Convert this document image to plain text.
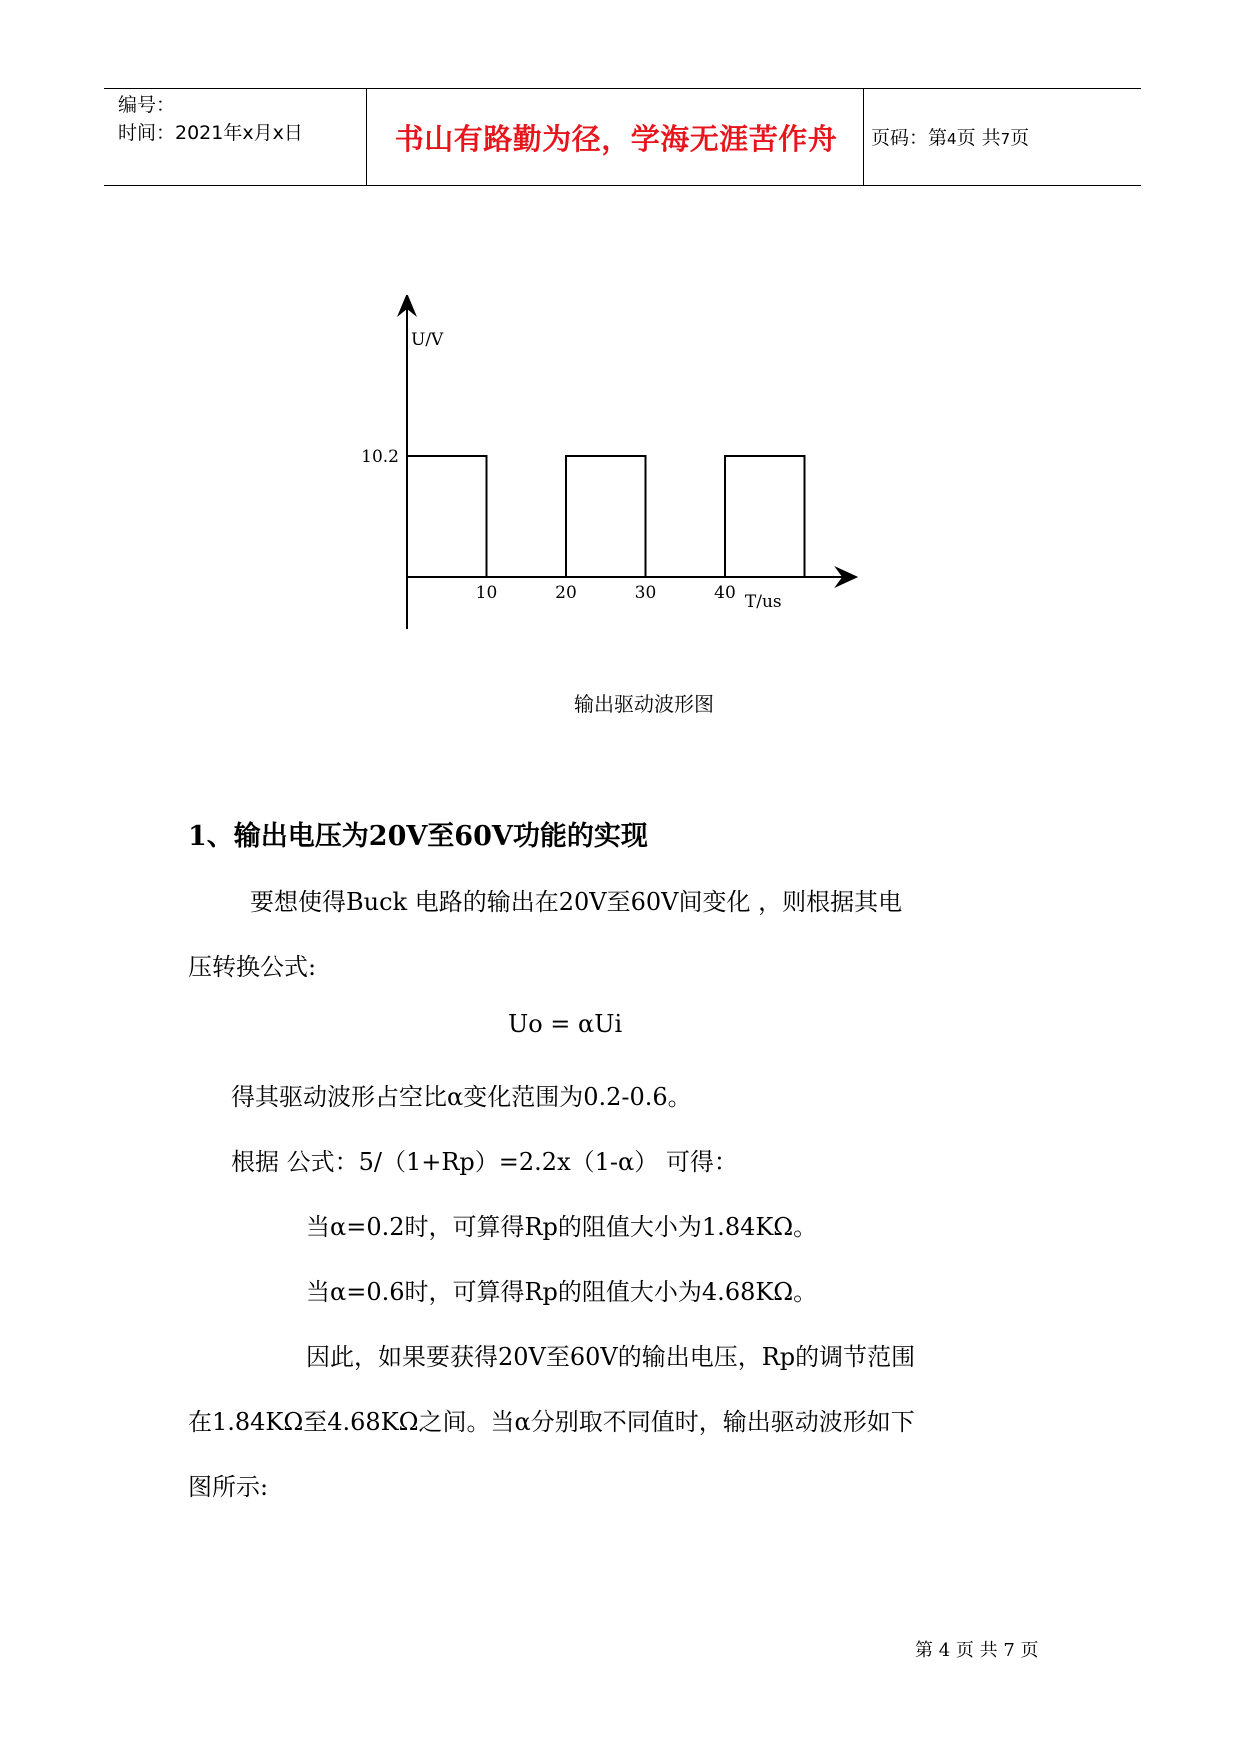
编号：
时间：2021年x月x日	书山有路勤为径，学海无涯苦作舟	页码：第4页 共7页
10	20	30	40
10.2
U/V
T/us
输出驱动波形图
1、输出电压为20V至60V功能的实现
要想使得Buck 电路的输出在20V至60V间变化 ，则根据其电
压转换公式:
Uo = αUi
得其驱动波形占空比α变化范围为0.2-0.6。
根据 公式：5/（1+Rp）=2.2x（1-α） 可得：
当α=0.2时，可算得Rp的阻值大小为1.84KΩ。
当α=0.6时，可算得Rp的阻值大小为4.68KΩ。
因此，如果要获得20V至60V的输出电压，Rp的调节范围
在1.84KΩ至4.68KΩ之间。当α分别取不同值时，输出驱动波形如下
图所示:
第 4 页 共 7 页
